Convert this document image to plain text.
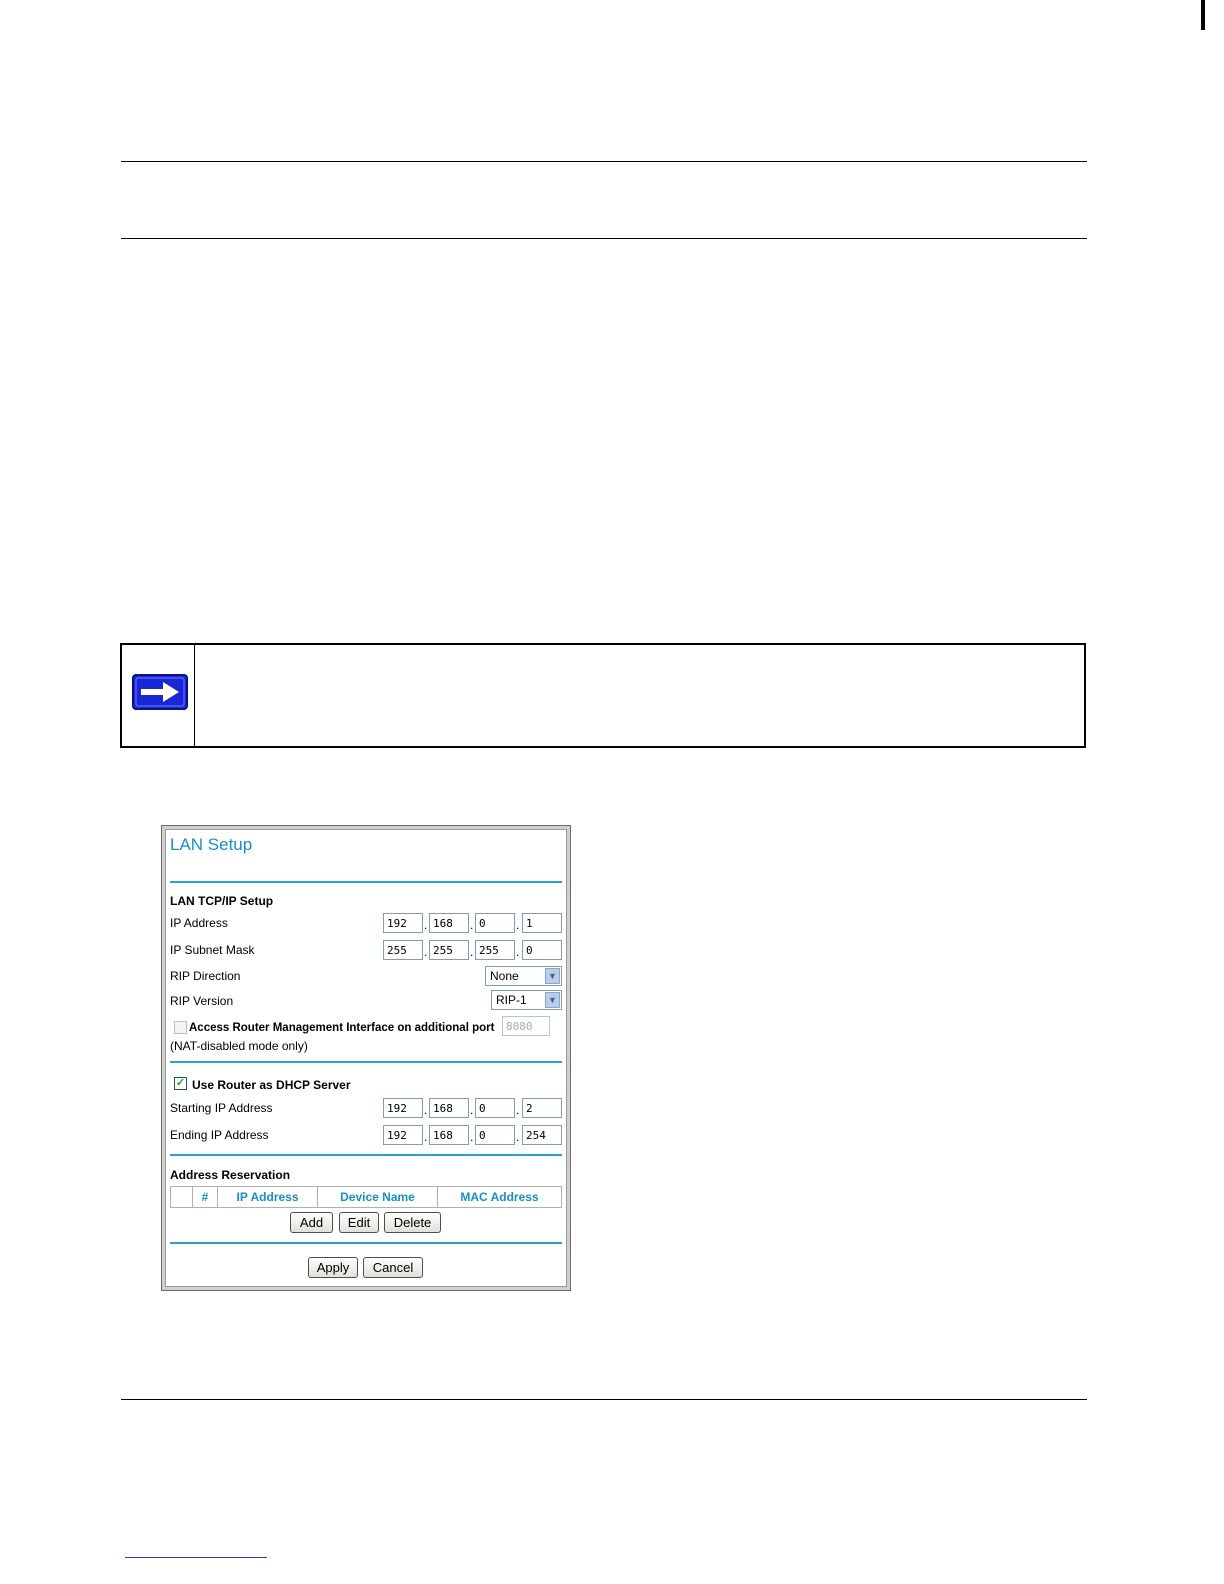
LAN Setup
LAN TCP/IP Setup
IP Address	192	. 168	. 0	. 1
IP Subnet Mask	255	. 255	. 255	. 0
RIP Direction	None	▼
RIP Version	RIP-1	▼
Access Router Management Interface on additional port	8080
(NAT-disabled mode only)
✓ Use Router as DHCP Server
Starting IP Address	192	. 168	. 0	. 2
Ending IP Address	192	. 168	. 0	. 254
Address Reservation
#	IP Address	Device Name	MAC Address
Add	Edit	Delete
Apply	Cancel
